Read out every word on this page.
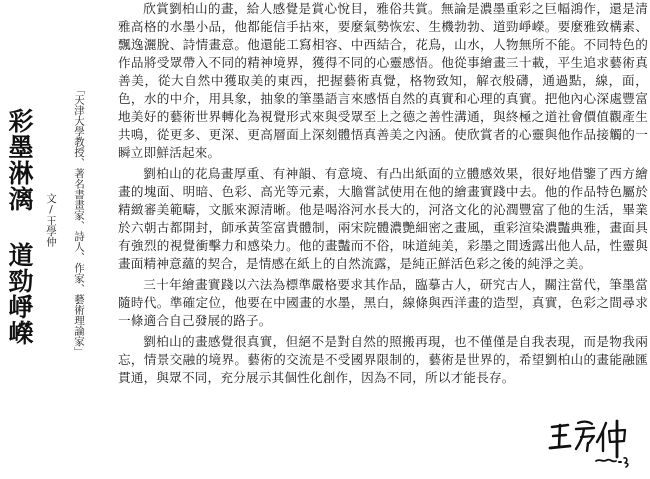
彩墨淋漓 道勁崢嶸	「天津大學教授、著名書畫家、詩人、作家、藝術理論家」
文/王學仲

欣賞劉柏山的畫，給人感覺是賞心悅目，雅俗共賞。無論是濃墨重彩之巨幅鴻作，還是清雅高格的水墨小品，他都能信手拈來，要麼氣勢恢宏、生機勃勃、道勁崢嶸。要麼雅致構素、飄逸灑脫、詩情畫意。他還能工寫相容、中西結合，花鳥，山水，人物無所不能。不同特色的作品將受眾帶入不同的精神境界，獲得不同的心靈感悟。他從事繪畫三十載，平生追求藝術真善美，從大自然中獲取美的東西，把握藝術真覺，格物致知，解衣般礴，通過點，線，面，色，水的中介，用具象，抽象的筆墨語言來感悟自然的真實和心理的真實。把他內心深處豐富地美好的藝術世界轉化為視覺形式來與受眾至上之德之善性溝通，與終極之道社會價值觀產生共鳴，從更多、更深、更高層面上深刻體悟真善美之內涵。使欣賞者的心靈與他作品接觸的一瞬立即鮮活起來。

劉柏山的花鳥畫厚重、有神韻、有意境、有凸出紙面的立體感效果，很好地借鑒了西方繪畫的塊面、明暗、色彩、高光等元素，大膽嘗試使用在他的繪畫實踐中去。他的作品特色屬於精緻審美範疇，文脈來源清晰。他是喝浴河水長大的，河洛文化的沁潤豐富了他的生活，畢業於六朝古都開封，師承黃筌富貴體制，兩宋院體濃艷細密之畫風，重彩渲染濃豔典雅，畫面具有強烈的視覺衝擊力和感染力。他的畫豔而不俗，味道純美，彩墨之間透露出他人品，性靈與畫面精神意蘊的契合，是情感在紙上的自然流露，是純正鮮活色彩之後的純淨之美。

三十年繪畫實踐以六法為標準嚴格要求其作品，臨摹古人，研究古人，關注當代，筆墨當隨時代。準確定位，他要在中國畫的水墨，黑白，線條與西洋畫的造型，真實，色彩之間尋求一條適合自己發展的路子。

劉柏山的畫感覺很真實，但絕不是對自然的照搬再現，也不僅僅是自我表現，而是物我兩忘，情景交融的境界。藝術的交流是不受國界限制的，藝術是世界的，希望劉柏山的畫能融匯貫通，與眾不同，充分展示其個性化創作，因為不同，所以才能長存。
